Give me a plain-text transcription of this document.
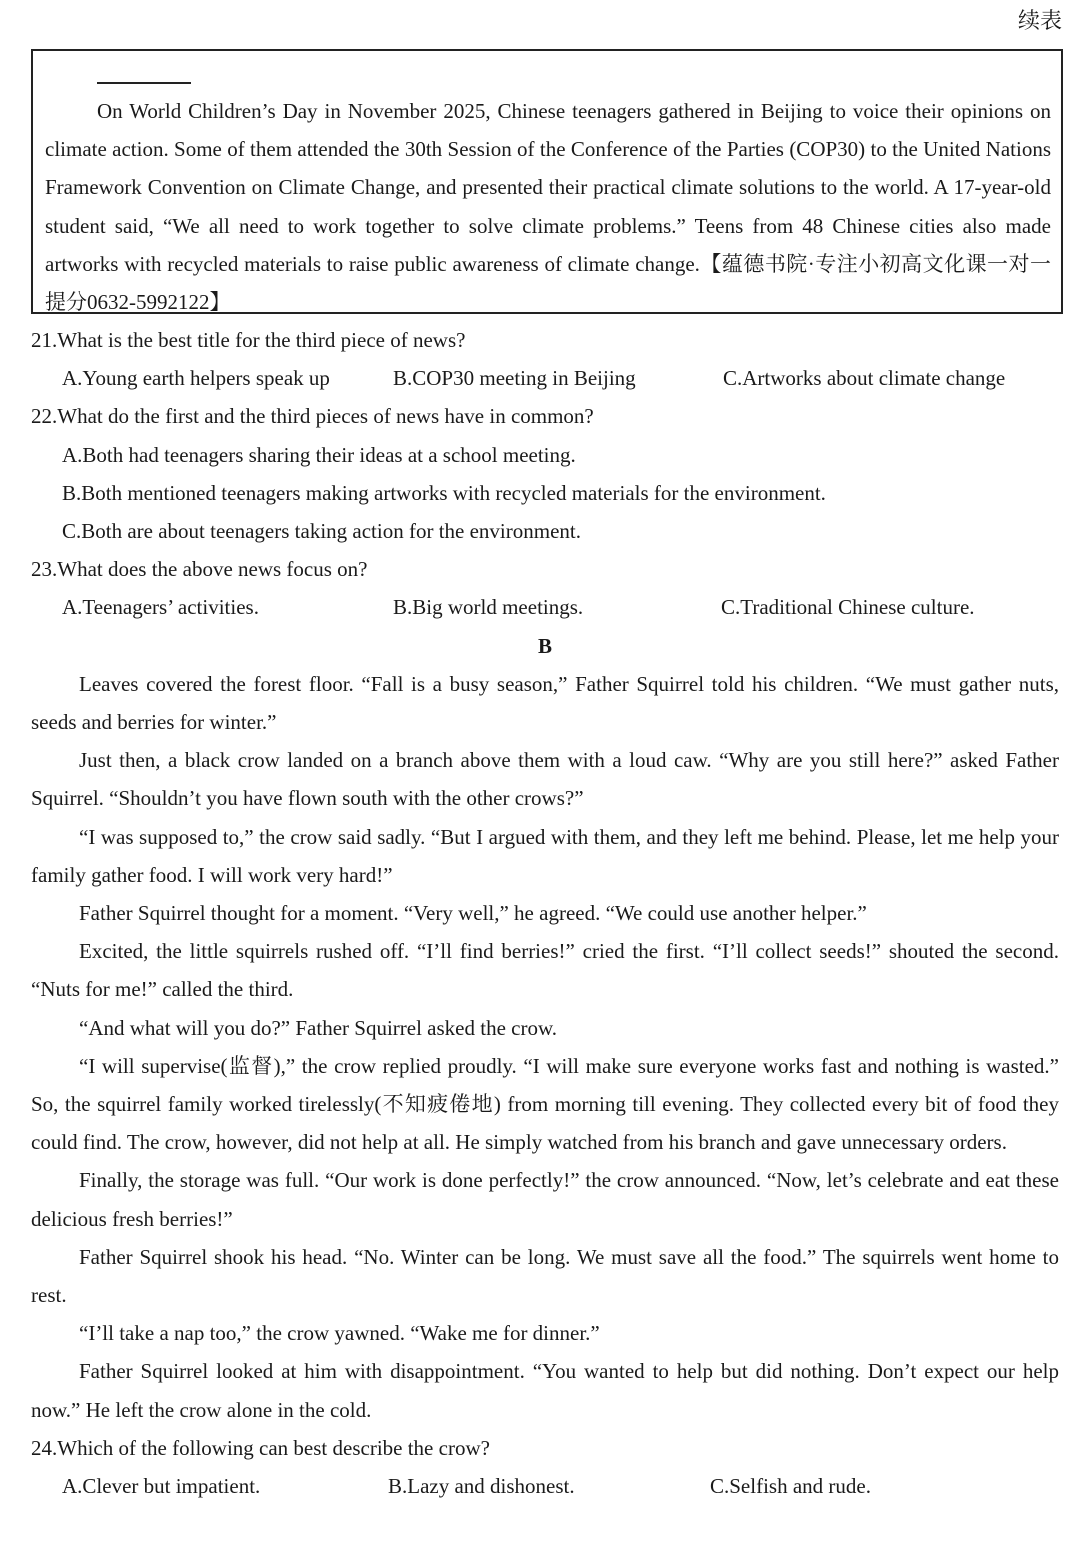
续表

On World Children’s Day in November 2025, Chinese teenagers gathered in Beijing to voice their opinions on climate action. Some of them attended the 30th Session of the Conference of the Parties (COP30) to the United Nations Framework Convention on Climate Change, and presented their practical climate solutions to the world. A 17-year-old student said, “We all need to work together to solve climate problems.” Teens from 48 Chinese cities also made artworks with recycled materials to raise public awareness of climate change.【蕴德书院·专注小初高文化课一对一提分0632-5992122】

21.What is the best title for the third piece of news?

A.Young earth helpers speak up	B.COP30 meeting in Beijing	C.Artworks about climate change

22.What do the first and the third pieces of news have in common?

A.Both had teenagers sharing their ideas at a school meeting.

B.Both mentioned teenagers making artworks with recycled materials for the environment.

C.Both are about teenagers taking action for the environment.

23.What does the above news focus on?

A.Teenagers’ activities.	B.Big world meetings.	C.Traditional Chinese culture.

B

Leaves covered the forest floor. “Fall is a busy season,” Father Squirrel told his children. “We must gather nuts, seeds and berries for winter.”

Just then, a black crow landed on a branch above them with a loud caw. “Why are you still here?” asked Father Squirrel. “Shouldn’t you have flown south with the other crows?”

“I was supposed to,” the crow said sadly. “But I argued with them, and they left me behind. Please, let me help your family gather food. I will work very hard!”

Father Squirrel thought for a moment. “Very well,” he agreed. “We could use another helper.”

Excited, the little squirrels rushed off. “I’ll find berries!” cried the first. “I’ll collect seeds!” shouted the second. “Nuts for me!” called the third.

“And what will you do?” Father Squirrel asked the crow.

“I will supervise(监督),” the crow replied proudly. “I will make sure everyone works fast and nothing is wasted.” So, the squirrel family worked tirelessly(不知疲倦地) from morning till evening. They collected every bit of food they could find. The crow, however, did not help at all. He simply watched from his branch and gave unnecessary orders.

Finally, the storage was full. “Our work is done perfectly!” the crow announced. “Now, let’s celebrate and eat these delicious fresh berries!”

Father Squirrel shook his head. “No. Winter can be long. We must save all the food.” The squirrels went home to rest.

“I’ll take a nap too,” the crow yawned. “Wake me for dinner.”

Father Squirrel looked at him with disappointment. “You wanted to help but did nothing. Don’t expect our help now.” He left the crow alone in the cold.

24.Which of the following can best describe the crow?

A.Clever but impatient.	B.Lazy and dishonest.	C.Selfish and rude.
